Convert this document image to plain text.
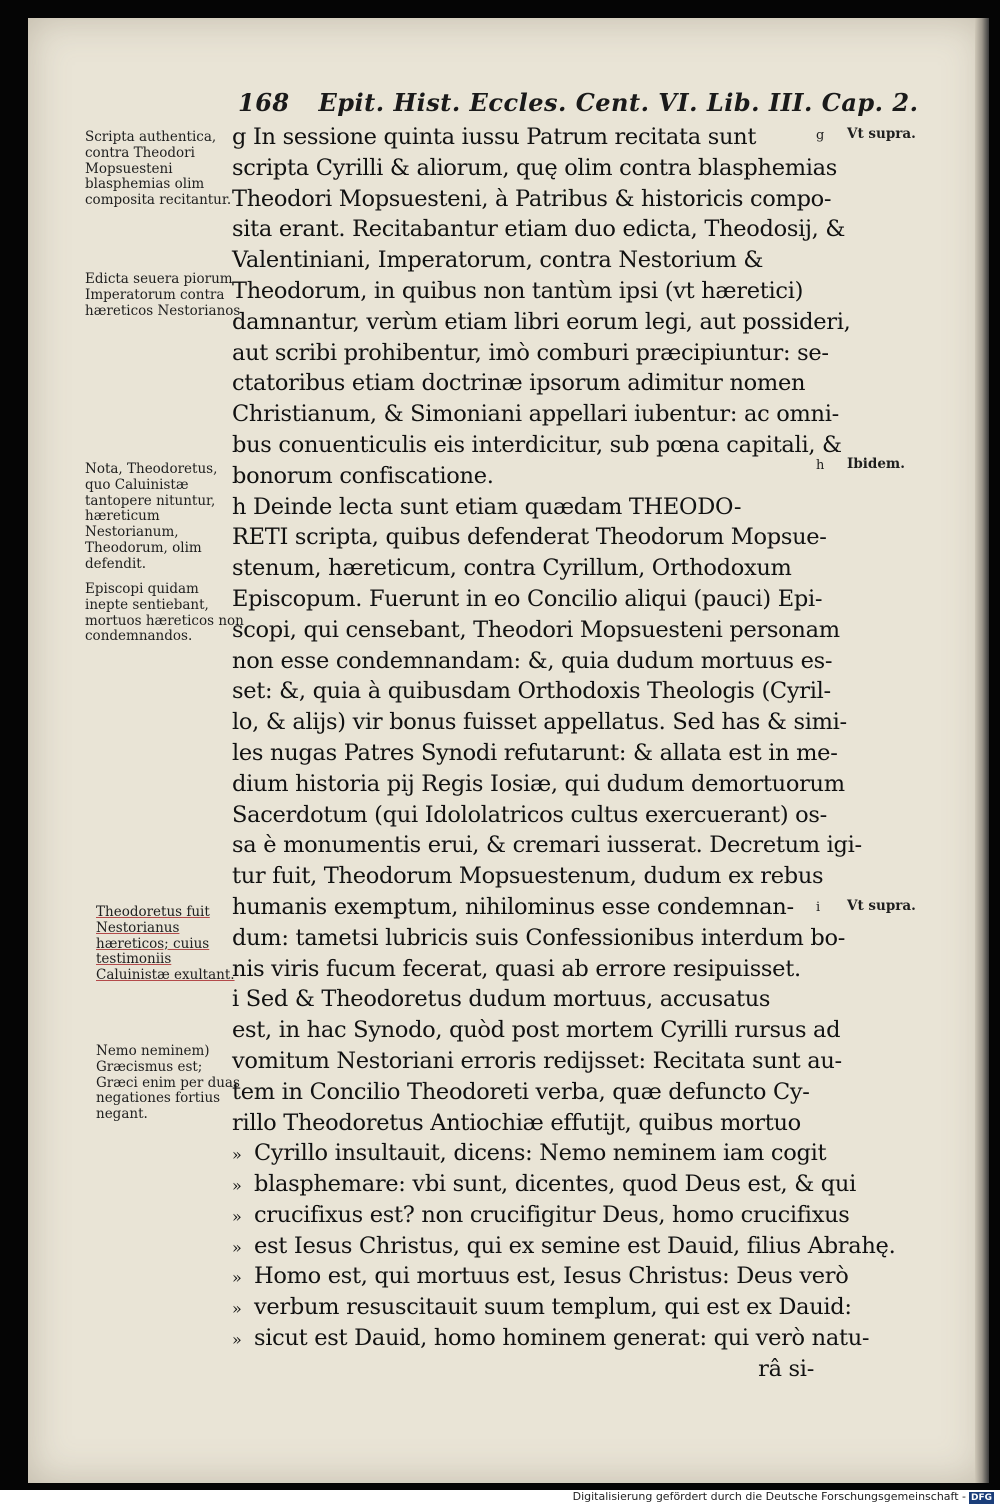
168 Epit. Hist. Eccles. Cent. VI. Lib. III. Cap. 2.
Scripta authentica, contra Theodori Mopsuesteni blasphemias olim composita recitantur.
Edicta seuera piorum Imperatorum contra hæreticos Nestorianos.
Nota, Theodoretus, quo Caluinistæ tantopere nituntur, hæreticum Nestorianum, Theodorum, olim defendit.
Episcopi quidam inepte sentiebant, mortuos hæreticos non condemnandos.
Theodoretus fuit Nestorianus hæreticos; cuius testimoniis Caluinistæ exultant.
Nemo neminem) Græcismus est; Græci enim per duas negationes fortius negant.
g Vt supra.
h Ibidem.
i Vt supra.
g In sessione quinta iussu Patrum recitata sunt
scripta Cyrilli & aliorum, quę olim contra blasphemias
Theodori Mopsuesteni, à Patribus & historicis compo-
sita erant. Recitabantur etiam duo edicta, Theodosij, &
Valentiniani, Imperatorum, contra Nestorium &
Theodorum, in quibus non tantùm ipsi (vt hæretici)
damnantur, verùm etiam libri eorum legi, aut possideri,
aut scribi prohibentur, imò comburi præcipiuntur: se-
ctatoribus etiam doctrinæ ipsorum adimitur nomen
Christianum, & Simoniani appellari iubentur: ac omni-
bus conuenticulis eis interdicitur, sub pœna capitali, &
bonorum confiscatione.
h Deinde lecta sunt etiam quædam THEODO-
RETI scripta, quibus defenderat Theodorum Mopsue-
stenum, hæreticum, contra Cyrillum, Orthodoxum
Episcopum. Fuerunt in eo Concilio aliqui (pauci) Epi-
scopi, qui censebant, Theodori Mopsuesteni personam
non esse condemnandam: &, quia dudum mortuus es-
set: &, quia à quibusdam Orthodoxis Theologis (Cyril-
lo, & alijs) vir bonus fuisset appellatus. Sed has & simi-
les nugas Patres Synodi refutarunt: & allata est in me-
dium historia pij Regis Iosiæ, qui dudum demortuorum
Sacerdotum (qui Idololatricos cultus exercuerant) os-
sa è monumentis erui, & cremari iusserat. Decretum igi-
tur fuit, Theodorum Mopsuestenum, dudum ex rebus
humanis exemptum, nihilominus esse condemnan-
dum: tametsi lubricis suis Confessionibus interdum bo-
nis viris fucum fecerat, quasi ab errore resipuisset.
i Sed & Theodoretus dudum mortuus, accusatus
est, in hac Synodo, quòd post mortem Cyrilli rursus ad
vomitum Nestoriani erroris redijsset: Recitata sunt au-
tem in Concilio Theodoreti verba, quæ defuncto Cy-
rillo Theodoretus Antiochiæ effutijt, quibus mortuo
» Cyrillo insultauit, dicens: Nemo neminem iam cogit
» blasphemare: vbi sunt, dicentes, quod Deus est, & qui
» crucifixus est? non crucifigitur Deus, homo crucifixus
» est Iesus Christus, qui ex semine est Dauid, filius Abrahę.
» Homo est, qui mortuus est, Iesus Christus: Deus verò
» verbum resuscitauit suum templum, qui est ex Dauid:
» sicut est Dauid, homo hominem generat: qui verò natu-
râ si-
Digitalisierung gefördert durch die Deutsche Forschungsgemeinschaft - DFG
